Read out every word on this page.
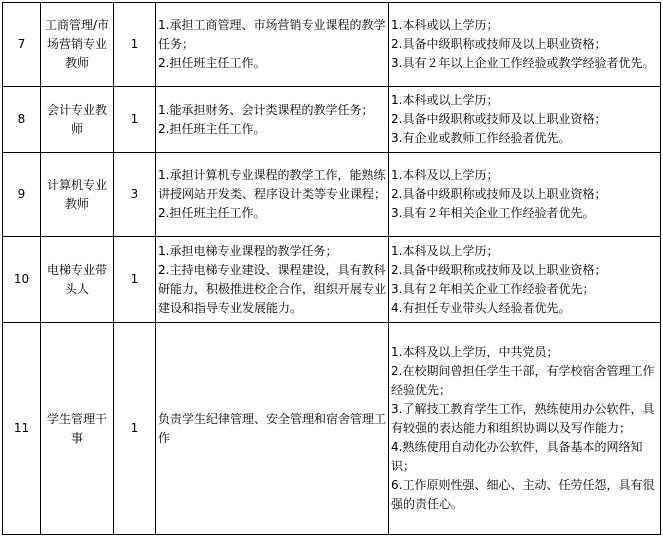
7	工商管理/市场营销专业教师	1	1.承担工商管理、市场营销专业课程的教学任务；
2.担任班主任工作。	1.本科或以上学历；
2.具备中级职称或技师及以上职业资格；
3.具有２年以上企业工作经验或教学经验者优先。

8	会计专业教师	1	1.能承担财务、会计类课程的教学任务；
2.担任班主任工作。	1.本科或以上学历；
2.具备中级职称或技师及以上职业资格；
3.有企业或教师工作经验者优先。

9	计算机专业教师	3	1.承担计算机专业课程的教学工作，能熟练讲授网站开发类、程序设计类等专业课程；
2.担任班主任工作。	1.本科及以上学历；
2.具备中级职称或技师及以上职业资格；
3.具有２年相关企业工作经验者优先。

10	电梯专业带头人	1	1.承担电梯专业课程的教学任务；
2.主持电梯专业建设、课程建设，具有教科研能力，积极推进校企合作，组织开展专业建设和指导专业发展能力。	1.本科及以上学历；
2.具备中级职称或技师及以上职业资格；
3.具有２年相关企业工作经验者优先；
4.有担任专业带头人经验者优先。

11	学生管理干事	1	负责学生纪律管理、安全管理和宿舍管理工作	1.本科及以上学历，中共党员；
2.在校期间曾担任学生干部，有学校宿舍管理工作经验优先；
3.了解技工教育学生工作，熟练使用办公软件，具有较强的表达能力和组织协调以及写作能力；
4.熟练使用自动化办公软件，具备基本的网络知识；
6.工作原则性强、细心、主动、任劳任怨，具有很强的责任心。
